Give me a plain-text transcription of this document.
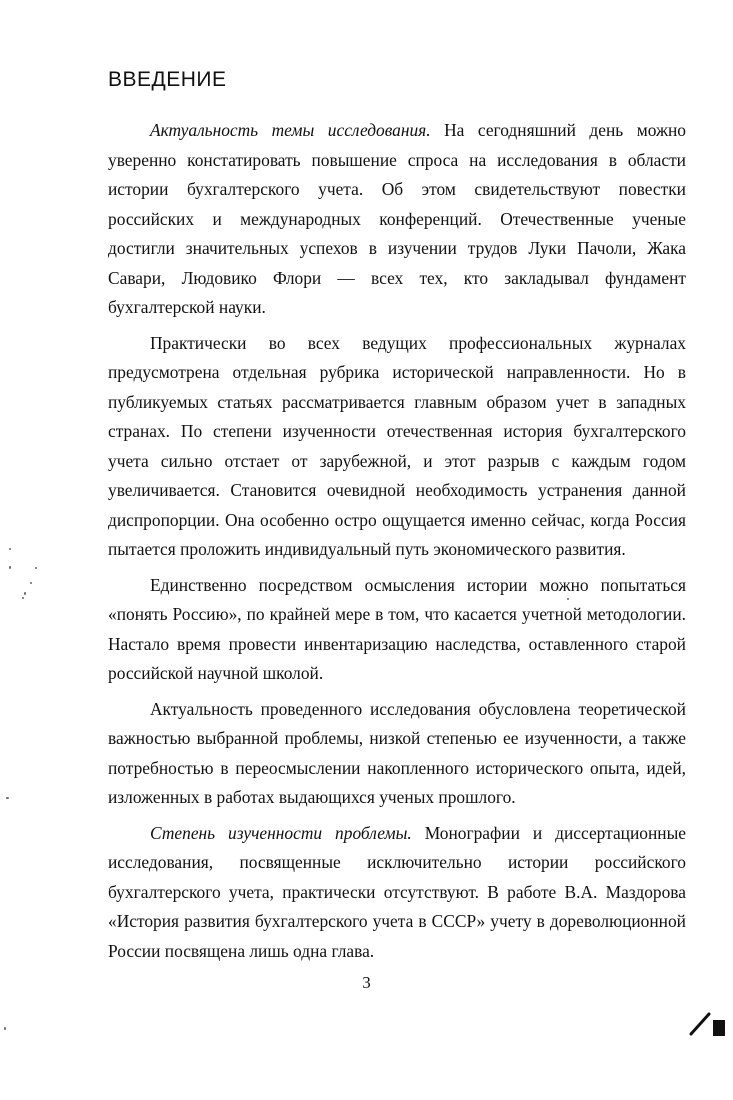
ВВЕДЕНИЕ

Актуальность темы исследования. На сегодняшний день можно уверенно констатировать повышение спроса на исследования в области истории бухгалтерского учета. Об этом свидетельствуют повестки российских и международных конференций. Отечественные ученые достигли значительных успехов в изучении трудов Луки Пачоли, Жака Савари, Людовико Флори — всех тех, кто закладывал фундамент бухгалтерской науки.

Практически во всех ведущих профессиональных журналах предусмотрена отдельная рубрика исторической направленности. Но в публикуемых статьях рассматривается главным образом учет в западных странах. По степени изученности отечественная история бухгалтерского учета сильно отстает от зарубежной, и этот разрыв с каждым годом увеличивается. Становится очевидной необходимость устранения данной диспропорции. Она особенно остро ощущается именно сейчас, когда Россия пытается проложить индивидуальный путь экономического развития.

Единственно посредством осмысления истории можно попытаться «понять Россию», по крайней мере в том, что касается учетной методологии. Настало время провести инвентаризацию наследства, оставленного старой российской научной школой.

Актуальность проведенного исследования обусловлена теоретической важностью выбранной проблемы, низкой степенью ее изученности, а также потребностью в переосмыслении накопленного исторического опыта, идей, изложенных в работах выдающихся ученых прошлого.

Степень изученности проблемы. Монографии и диссертационные исследования, посвященные исключительно истории российского бухгалтерского учета, практически отсутствуют. В работе В.А. Маздорова «История развития бухгалтерского учета в СССР» учету в дореволюционной России посвящена лишь одна глава.

3
